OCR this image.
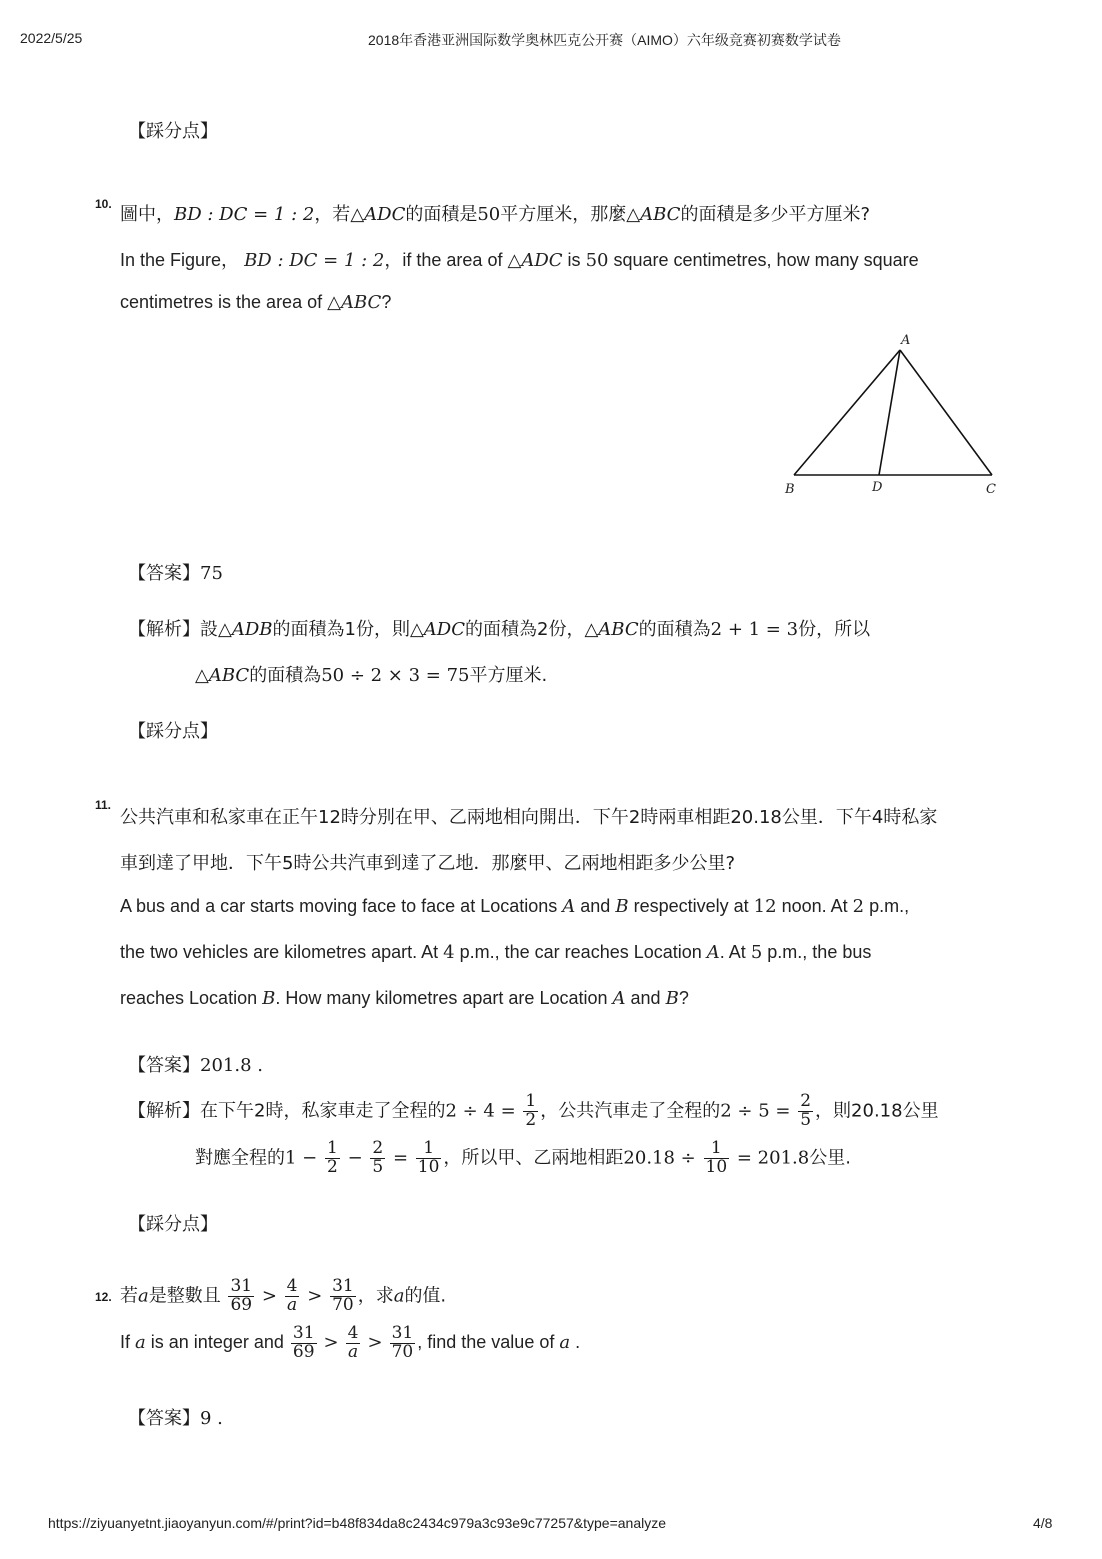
2022/5/25	2018年香港亚洲国际数学奥林匹克公开赛（AIMO）六年级竞赛初赛数学试卷
【踩分点】
10. 圖中，BD : DC = 1 : 2，若△ADC的面積是50平方厘米，那麼△ABC的面積是多少平方厘米?
In the Figure， BD : DC = 1 : 2，if the area of △ADC is 50 square centimetres, how many square
centimetres is the area of △ABC?
A
B	D	C
【答案】75
【解析】設△ADB的面積為1份，則△ADC的面積為2份，△ABC的面積為2 + 1 = 3份，所以
△ABC的面積為50 ÷ 2 × 3 = 75平方厘米.
【踩分点】
11.
公共汽車和私家車在正午12時分別在甲、乙兩地相向開出．下午2時兩車相距20.18公里．下午4時私家
車到達了甲地．下午5時公共汽車到達了乙地．那麼甲、乙兩地相距多少公里?
A bus and a car starts moving face to face at Locations A and B respectively at 12 noon. At 2 p.m.,
the two vehicles are kilometres apart. At 4 p.m., the car reaches Location A. At 5 p.m., the bus
reaches Location B. How many kilometres apart are Location A and B?
【答案】201.8 .
【解析】在下午2時，私家車走了全程的$2 \div 4 = \frac{1}{2}$ ，公共汽車走了全程的$2 \div 5 = \frac{2}{5}$ ，則20.18公里
對應全程的$1 - \frac{1}{2} - \frac{2}{5} = \frac{1}{10}$ ，所以甲、乙兩地相距$20.18 \div \frac{1}{10} = 201.8$公里.
【踩分点】
12. 若a是整數且 $\frac{31}{69} > \frac{4}{a} > \frac{31}{70}$ ，求a的值.
If a is an integer and $\frac{31}{69} > \frac{4}{a} > \frac{31}{70}$ , find the value of a .
【答案】9 .
https://ziyuanyetnt.jiaoyanyun.com/#/print?id=b48f834da8c2434c979a3c93e9c77257&type=analyze	4/8
